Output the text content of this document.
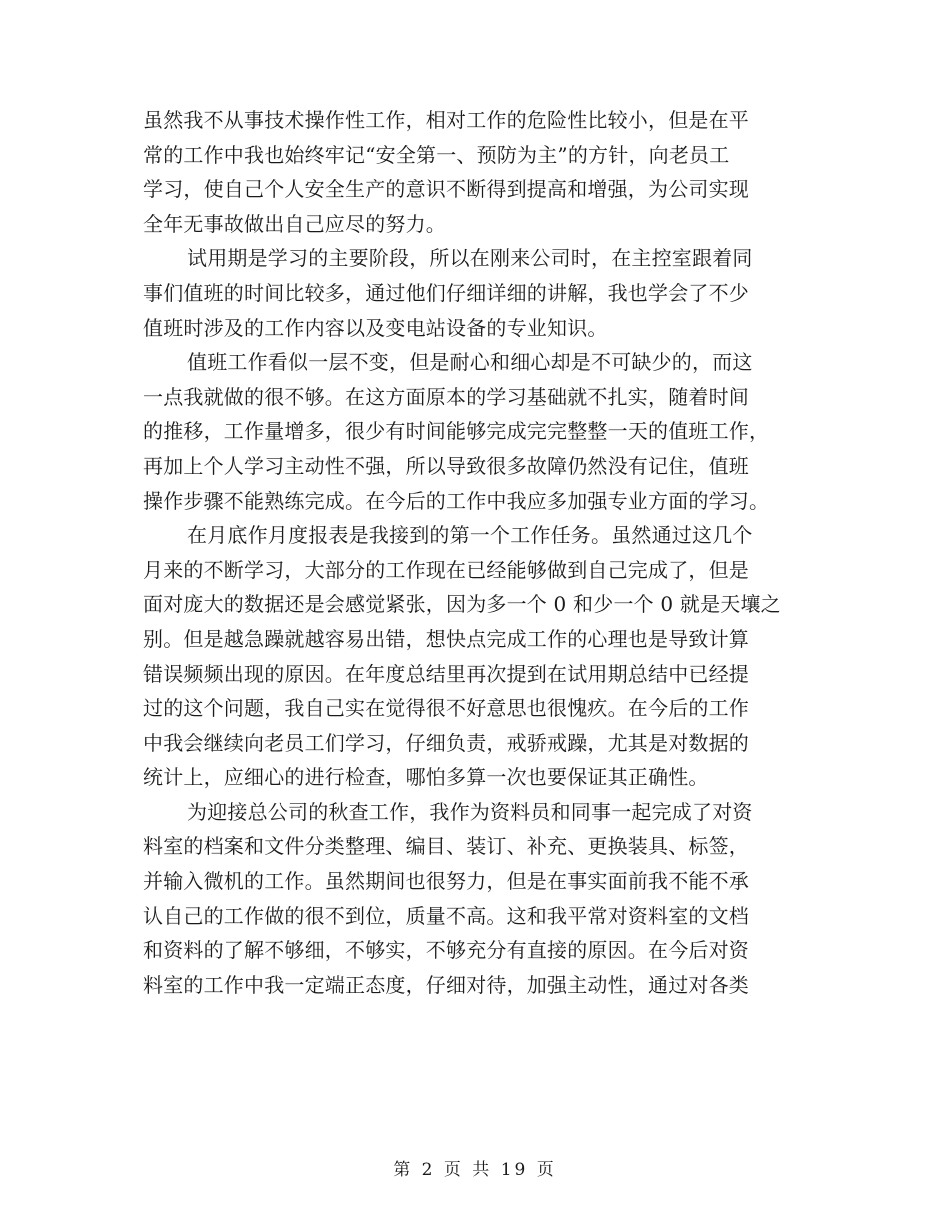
虽然我不从事技术操作性工作，相对工作的危险性比较小，但是在平
常的工作中我也始终牢记“安全第一、预防为主”的方针，向老员工
学习，使自己个人安全生产的意识不断得到提高和增强，为公司实现
全年无事故做出自己应尽的努力。

试用期是学习的主要阶段，所以在刚来公司时，在主控室跟着同
事们值班的时间比较多，通过他们仔细详细的讲解，我也学会了不少
值班时涉及的工作内容以及变电站设备的专业知识。

值班工作看似一层不变，但是耐心和细心却是不可缺少的，而这
一点我就做的很不够。在这方面原本的学习基础就不扎实，随着时间
的推移，工作量增多，很少有时间能够完成完完整整一天的值班工作，
再加上个人学习主动性不强，所以导致很多故障仍然没有记住，值班
操作步骤不能熟练完成。在今后的工作中我应多加强专业方面的学习。

在月底作月度报表是我接到的第一个工作任务。虽然通过这几个
月来的不断学习，大部分的工作现在已经能够做到自己完成了，但是
面对庞大的数据还是会感觉紧张，因为多一个 0 和少一个 0 就是天壤之
别。但是越急躁就越容易出错，想快点完成工作的心理也是导致计算
错误频频出现的原因。在年度总结里再次提到在试用期总结中已经提
过的这个问题，我自己实在觉得很不好意思也很愧疚。在今后的工作
中我会继续向老员工们学习，仔细负责，戒骄戒躁，尤其是对数据的
统计上，应细心的进行检查，哪怕多算一次也要保证其正确性。

为迎接总公司的秋查工作，我作为资料员和同事一起完成了对资
料室的档案和文件分类整理、编目、装订、补充、更换装具、标签，
并输入微机的工作。虽然期间也很努力，但是在事实面前我不能不承
认自己的工作做的很不到位，质量不高。这和我平常对资料室的文档
和资料的了解不够细，不够实，不够充分有直接的原因。在今后对资
料室的工作中我一定端正态度，仔细对待，加强主动性，通过对各类

第 2 页 共 19 页
